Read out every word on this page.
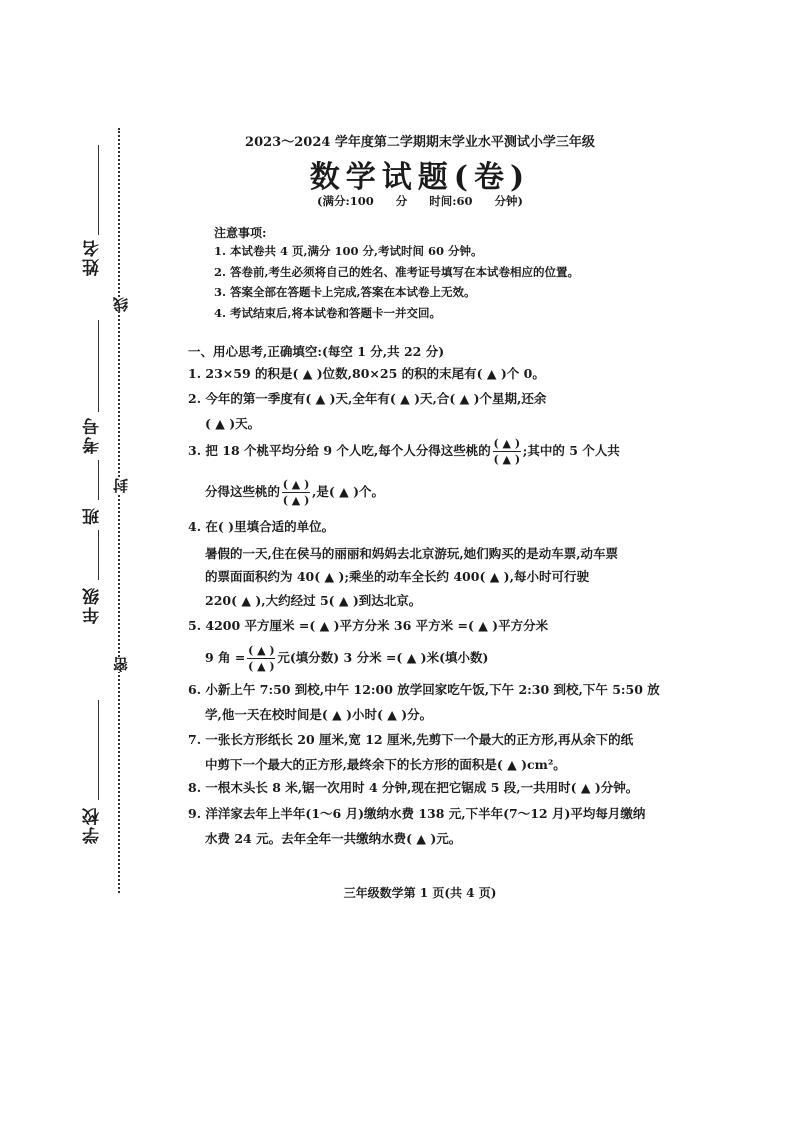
姓名
考号
班
年级
学校
线
封
密
2023～2024 学年度第二学期期末学业水平测试小学三年级
数学试题(卷)
(满分:100 分 时间:60 分钟)
注意事项:
1. 本试卷共 4 页,满分 100 分,考试时间 60 分钟。
2. 答卷前,考生必须将自己的姓名、准考证号填写在本试卷相应的位置。
3. 答案全部在答题卡上完成,答案在本试卷上无效。
4. 考试结束后,将本试卷和答题卡一并交回。
一、用心思考,正确填空:(每空 1 分,共 22 分)
1. 23×59 的积是( ▲ )位数,80×25 的积的末尾有( ▲ )个 0。
2. 今年的第一季度有( ▲ )天,全年有( ▲ )天,合( ▲ )个星期,还余
( ▲ )天。
3. 把 18 个桃平均分给 9 个人吃,每个人分得这些桃的 $\frac{( ▲ )}{( ▲ )}$ ;其中的 5 个人共
分得这些桃的 $\frac{( ▲ )}{( ▲ )}$ ,是( ▲ )个。
4. 在( )里填合适的单位。
暑假的一天,住在侯马的丽丽和妈妈去北京游玩,她们购买的是动车票,动车票
的票面面积约为 40( ▲ );乘坐的动车全长约 400( ▲ ),每小时可行驶
220( ▲ ),大约经过 5( ▲ )到达北京。
5. 4200 平方厘米 =( ▲ )平方分米 36 平方米 =( ▲ )平方分米
9 角 = $\frac{( ▲ )}{( ▲ )}$ 元(填分数) 3 分米 =( ▲ )米(填小数)
6. 小新上午 7:50 到校,中午 12:00 放学回家吃午饭,下午 2:30 到校,下午 5:50 放
学,他一天在校时间是( ▲ )小时( ▲ )分。
7. 一张长方形纸长 20 厘米,宽 12 厘米,先剪下一个最大的正方形,再从余下的纸
中剪下一个最大的正方形,最终余下的长方形的面积是( ▲ )cm²。
8. 一根木头长 8 米,锯一次用时 4 分钟,现在把它锯成 5 段,一共用时( ▲ )分钟。
9. 洋洋家去年上半年(1～6 月)缴纳水费 138 元,下半年(7～12 月)平均每月缴纳
水费 24 元。去年全年一共缴纳水费( ▲ )元。
三年级数学第 1 页(共 4 页)
